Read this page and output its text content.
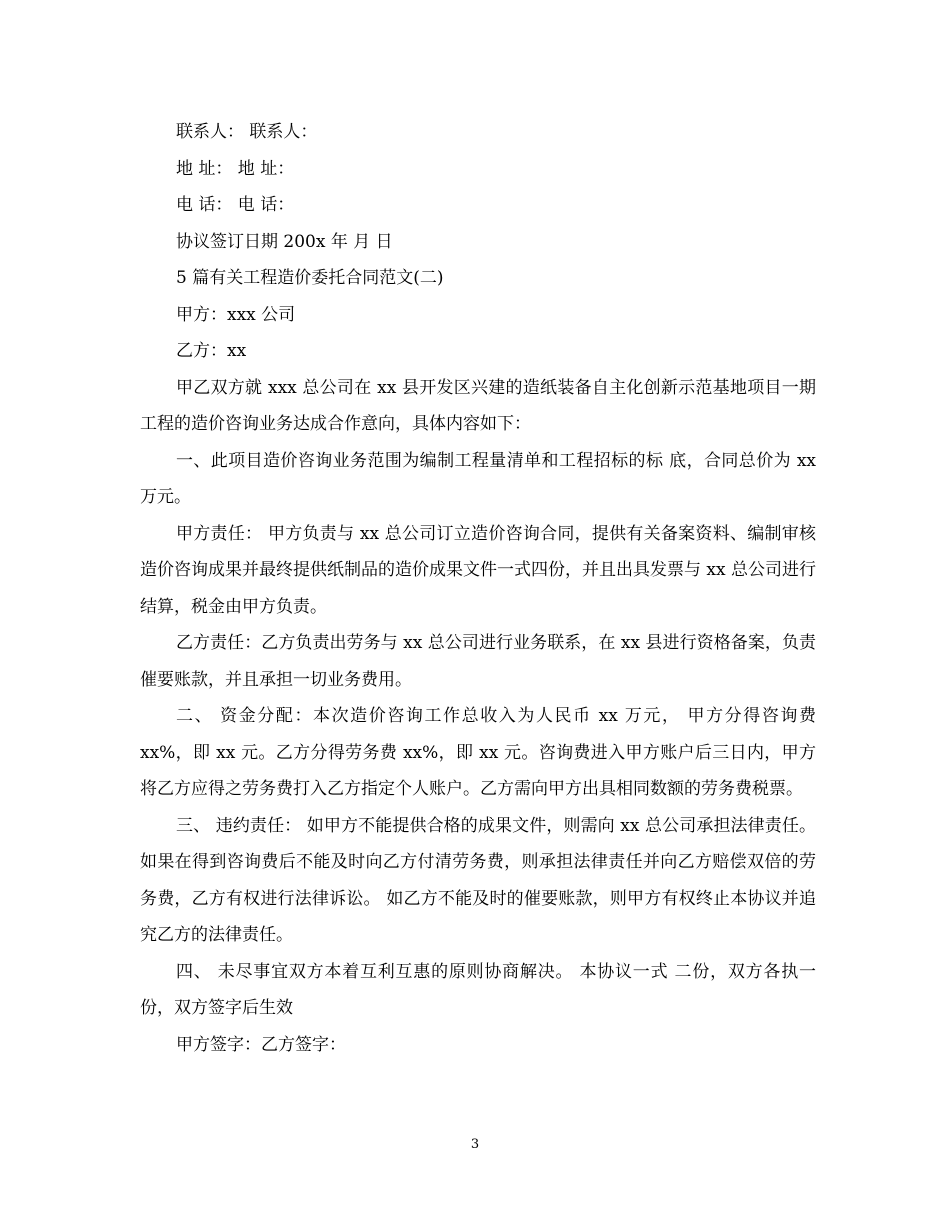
联系人： 联系人：
地 址： 地 址：
电 话： 电 话：
协议签订日期 200x 年 月 日
5 篇有关工程造价委托合同范文(二)
甲方：xxx 公司
乙方：xx
甲乙双方就 xxx 总公司在 xx 县开发区兴建的造纸装备自主化创新示范基地项目一期工程的造价咨询业务达成合作意向，具体内容如下：
一、此项目造价咨询业务范围为编制工程量清单和工程招标的标 底，合同总价为 xx 万元。
甲方责任： 甲方负责与 xx 总公司订立造价咨询合同，提供有关备案资料、编制审核造价咨询成果并最终提供纸制品的造价成果文件一式四份，并且出具发票与 xx 总公司进行结算，税金由甲方负责。
乙方责任：乙方负责出劳务与 xx 总公司进行业务联系，在 xx 县进行资格备案，负责催要账款，并且承担一切业务费用。
二、 资金分配：本次造价咨询工作总收入为人民币 xx 万元， 甲方分得咨询费 xx%，即 xx 元。乙方分得劳务费 xx%，即 xx 元。咨询费进入甲方账户后三日内，甲方将乙方应得之劳务费打入乙方指定个人账户。乙方需向甲方出具相同数额的劳务费税票。
三、 违约责任： 如甲方不能提供合格的成果文件，则需向 xx 总公司承担法律责任。如果在得到咨询费后不能及时向乙方付清劳务费，则承担法律责任并向乙方赔偿双倍的劳务费，乙方有权进行法律诉讼。 如乙方不能及时的催要账款，则甲方有权终止本协议并追究乙方的法律责任。
四、 未尽事宜双方本着互利互惠的原则协商解决。 本协议一式 二份，双方各执一份，双方签字后生效
甲方签字：乙方签字：
3
